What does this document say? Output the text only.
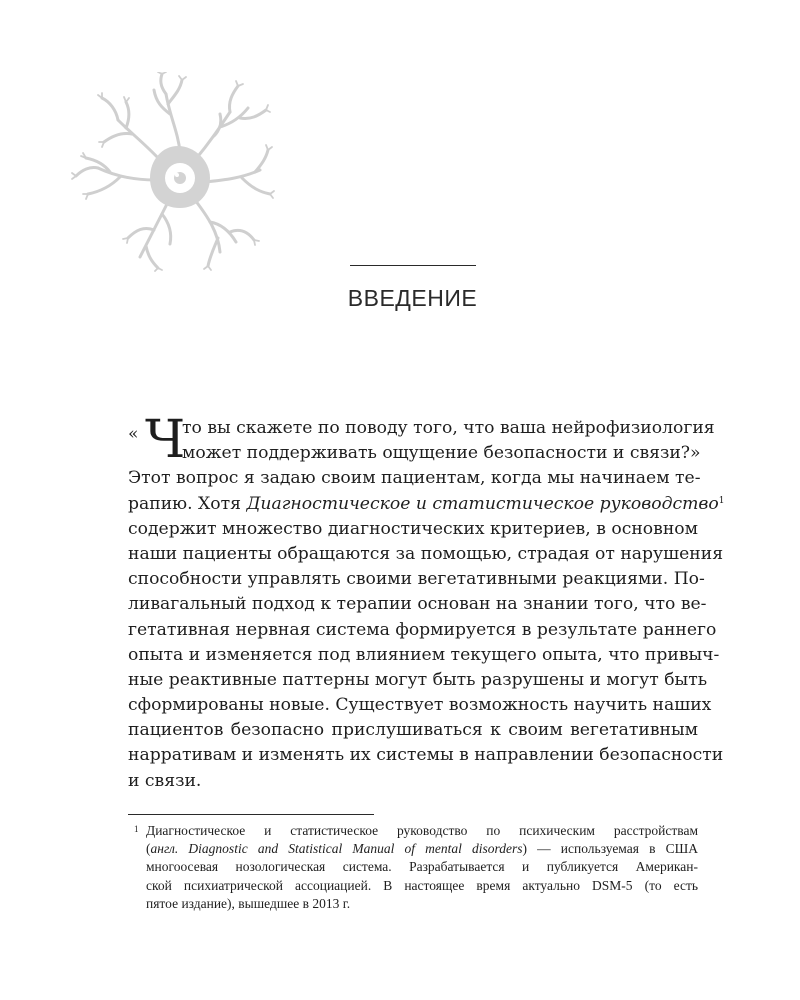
ВВЕДЕНИЕ
« Ч
то вы скажете по поводу того, что ваша нейрофизиология
может поддерживать ощущение безопасности и связи?»
Этот вопрос я задаю своим пациентам, когда мы начинаем те-
рапию. Хотя Диагностическое и статистическое руководство$^1$
содержит множество диагностических критериев, в основном
наши пациенты обращаются за помощью, страдая от нарушения
способности управлять своими вегетативными реакциями. По-
ливагальный подход к терапии основан на знании того, что ве-
гетативная нервная система формируется в результате раннего
опыта и изменяется под влиянием текущего опыта, что привыч-
ные реактивные паттерны могут быть разрушены и могут быть
сформированы новые. Существует возможность научить наших
пациентов безопасно прислушиваться к своим вегетативным
нарративам и изменять их системы в направлении безопасности
и связи.
1 Диагностическое и статистическое руководство по психическим расстройствам
(англ. Diagnostic and Statistical Manual of mental disorders) — используемая в США
многоосевая нозологическая система. Разрабатывается и публикуется Американ-
ской психиатрической ассоциацией. В настоящее время актуально DSM-5 (то есть
пятое издание), вышедшее в 2013 г.
